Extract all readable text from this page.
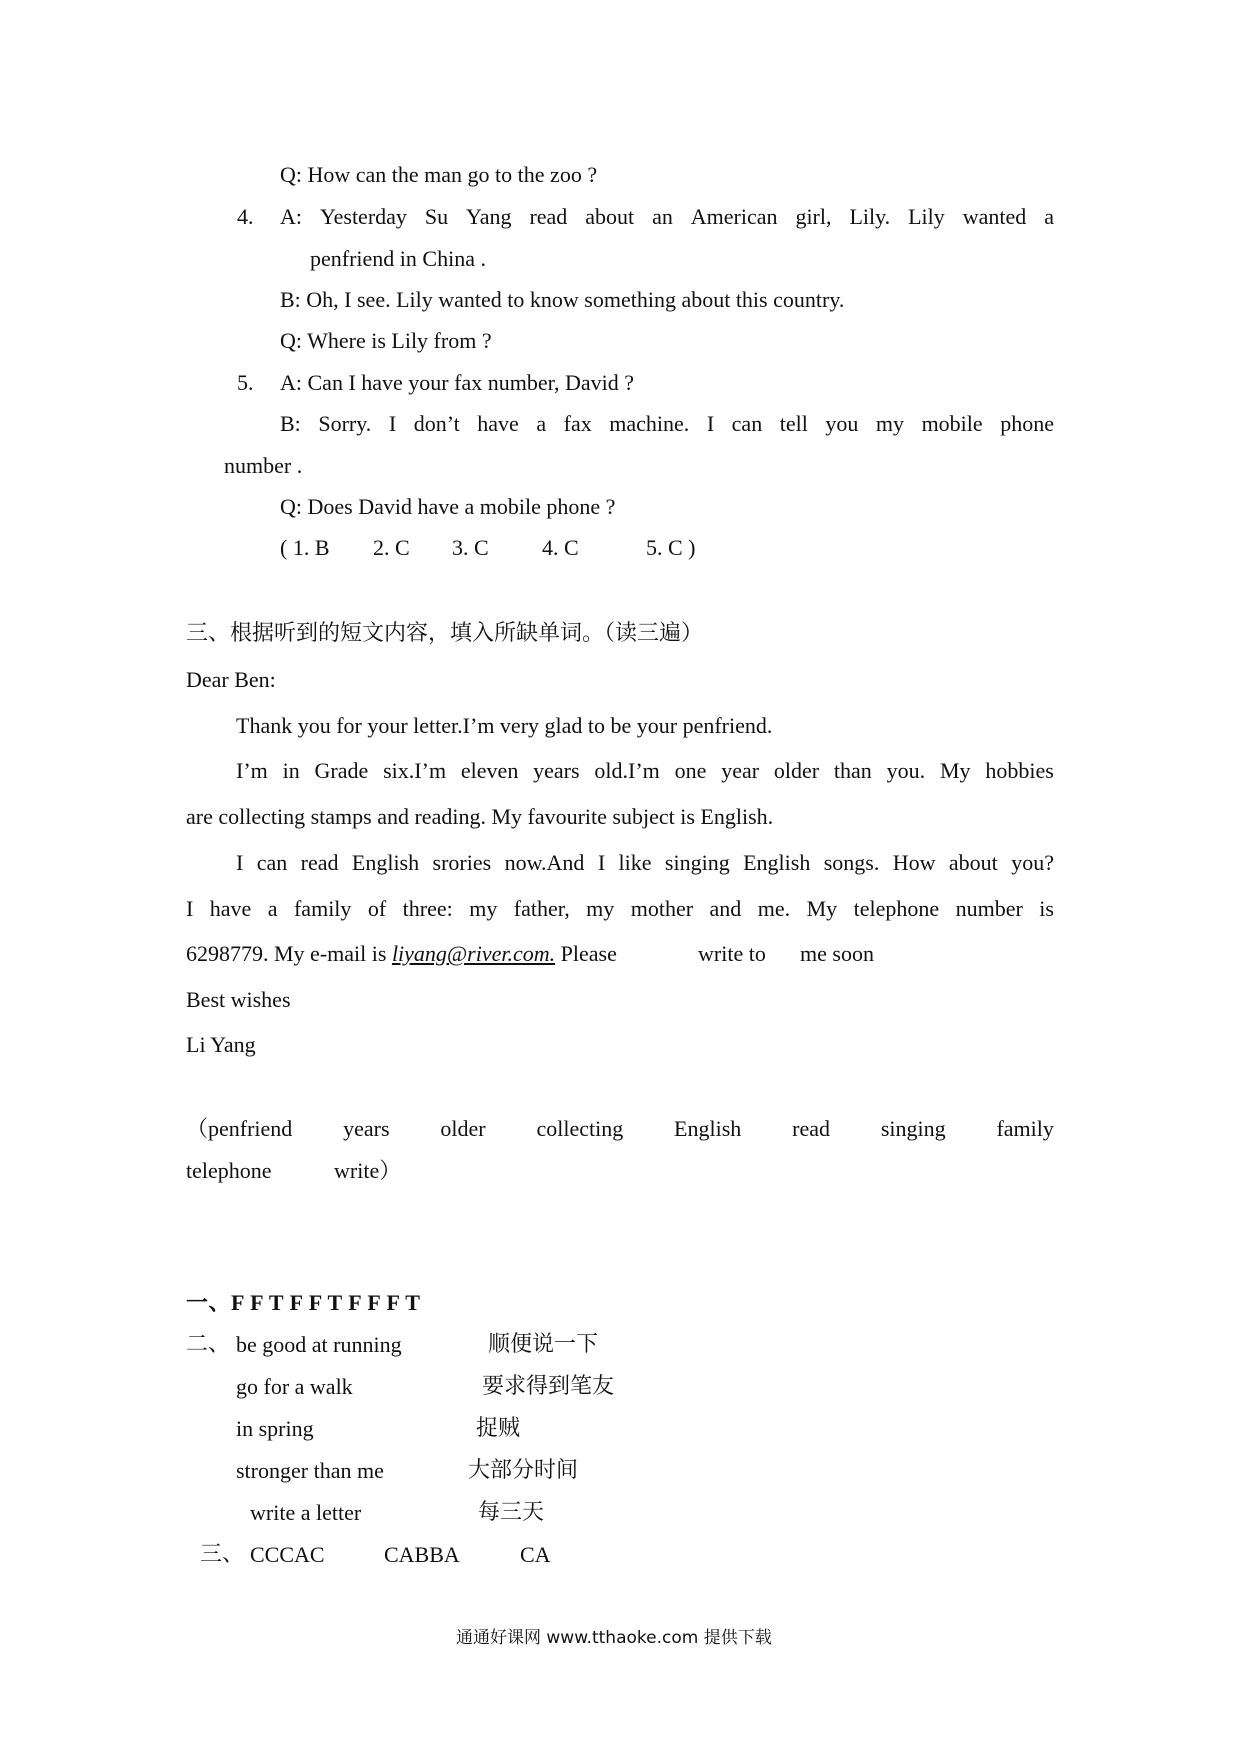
Q: How can the man go to the zoo ?
4. A: Yesterday Su Yang read about an American girl, Lily. Lily wanted a
penfriend in China .
B: Oh, I see. Lily wanted to know something about this country.
Q: Where is Lily from ?
5. A: Can I have your fax number, David ?
B: Sorry. I don’t have a fax machine. I can tell you my mobile phone
number .
Q: Does David have a mobile phone ?
( 1. B 2. C 3. C 4. C	5. C )
三、根据听到的短文内容，填入所缺单词。（读三遍）
Dear Ben:
Thank you for your letter.I’m very glad to be your penfriend.
I’m in Grade six.I’m eleven years old.I’m one year older than you. My hobbies
are collecting stamps and reading. My favourite subject is English.
I can read English srories now.And I like singing English songs. How about you?
I have a family of three: my father, my mother and me. My telephone number is
6298779. My e-mail is liyang@river.com. Please	write to me soon
Best wishes
Li Yang
（penfriend years older collecting English read singing family
telephone	write）
一、F F T F F T F F F T
二、 be good at running	顺便说一下
go for a walk	要求得到笔友
in spring	捉贼
stronger than me	大部分时间
write a letter	每三天
三、 CCCAC	CABBA	CA
通通好课网 www.tthaoke.com 提供下载
